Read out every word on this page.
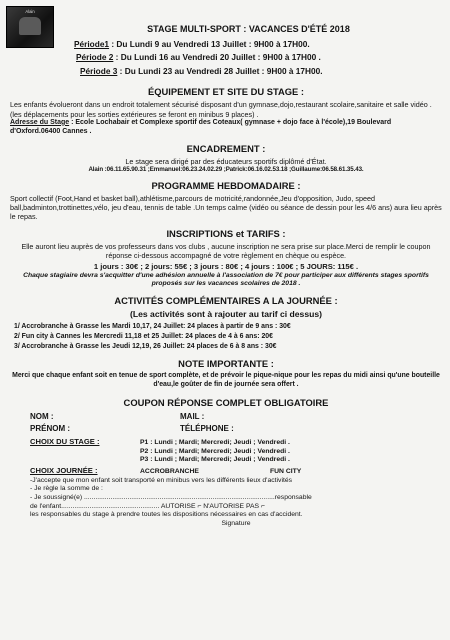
Alain
STAGE MULTI-SPORT : VACANCES D'ÉTÉ 2018
Période1 : Du Lundi 9 au Vendredi 13 Juillet : 9H00 à 17H00.
Période 2 : Du Lundi 16 au Vendredi 20 Juillet : 9H00 à 17H00 .
Période 3 : Du Lundi 23 au Vendredi 28 Juillet : 9H00 à 17H00.
ÉQUIPEMENT ET SITE DU STAGE :
Les enfants évolueront dans un endroit totalement sécurisé disposant d'un gymnase,dojo,restaurant scolaire,sanitaire et salle vidéo .(les déplacements pour les sorties extérieures se feront en minibus 9 places) .
Adresse du Stage : Ecole Lochabair et Complexe sportif des Coteaux( gymnase + dojo face à l'école),19 Boulevard d'Oxford.06400 Cannes .
ENCADREMENT :
Le stage sera dirigé par des éducateurs sportifs diplômé d'État.
Alain :06.11.65.90.31 ;Emmanuel:06.23.24.02.29 ;Patrick:06.16.02.53.18 ;Guillaume:06.58.61.35.43.
PROGRAMME HEBDOMADAIRE :
Sport collectif (Foot,Hand et basket ball),athlétisme,parcours de motricité,randonnée,Jeu d'opposition, Judo, speed ball,badminton,trottinettes,vélo, jeu d'eau, tennis de table .Un temps calme (vidéo ou séance de dessin pour les 4/6 ans) aura lieu après le repas.
INSCRIPTIONS et TARIFS :
Elle auront lieu auprès de vos professeurs dans vos clubs , aucune inscription ne sera prise sur place.Merci de remplir le coupon réponse ci-dessous accompagné de votre règlement en chèque ou espèce.
1 jours : 30€ ; 2 jours: 55€ ; 3 jours : 80€ ; 4 jours : 100€ ; 5 JOURS: 115€ .
Chaque stagiaire devra s'acquitter d'une adhésion annuelle à l'association de 7€ pour participer aux différents stages sportifs proposés sur les vacances scolaires de 2018 .
ACTIVITÉS COMPLÉMENTAIRES A LA JOURNÉE :
(Les activités sont à rajouter au tarif ci dessus)
1/ Accrobranche à Grasse les Mardi 10,17, 24 Juillet: 24 places à partir de 9 ans : 30€
2/ Fun city à Cannes les Mercredi 11,18 et 25 Juillet: 24 places de 4 à 6 ans: 20€
3/ Accrobranche à Grasse les Jeudi 12,19, 26 Juillet: 24 places de 6 à 8 ans : 30€
NOTE IMPORTANTE :
Merci que chaque enfant soit en tenue de sport complète, et de prévoir le pique-nique pour les repas du midi ainsi qu'une bouteille d'eau,le goûter de fin de journée sera offert .
COUPON RÉPONSE COMPLET OBLIGATOIRE
NOM :	MAIL :
PRÉNOM :	TÉLÉPHONE :
CHOIX DU STAGE :	P1 : Lundi ; Mardi; Mercredi; Jeudi ; Vendredi .
P2 : Lundi ; Mardi; Mercredi; Jeudi ; Vendredi .
P3 : Lundi ; Mardi; Mercredi; Jeudi ; Vendredi .
CHOIX JOURNÉE :	ACCROBRANCHE	FUN CITY
-J'accepte que mon enfant soit transporté en minibus vers les différents lieux d'activités
- Je règle la somme de :
- Je soussigné(e) .....................................................................................................responsable
de l'enfant.................................................... AUTORISE ⌐ N'AUTORISE PAS ⌐
les responsables du stage à prendre toutes les dispositions nécessaires en cas d'accident.
Signature
